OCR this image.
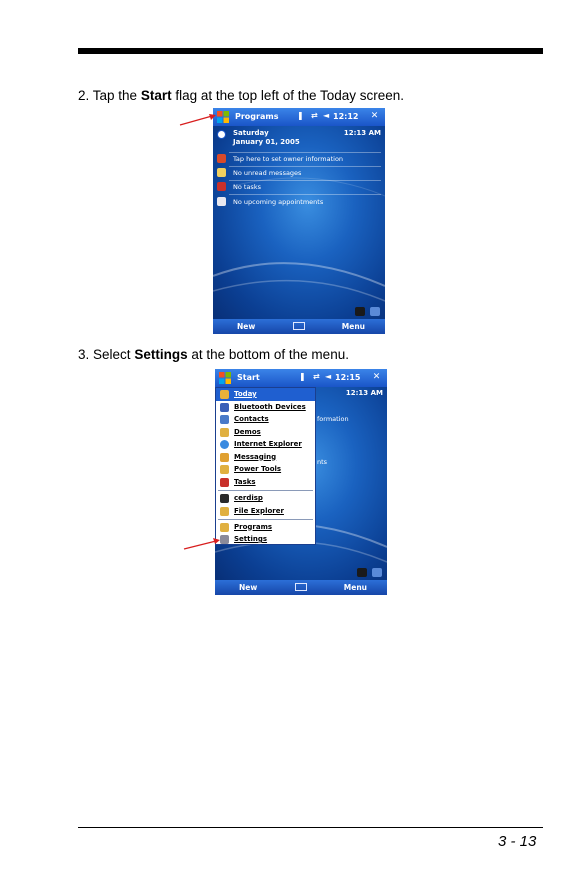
2. Tap the Start flag at the top left of the Today screen.
Programs ❚ ⇄ ◄ 12:12 ✕
Saturday
January 01, 2005
12:13 AM
Tap here to set owner information
No unread messages
No tasks
No upcoming appointments
New	Menu
3. Select Settings at the bottom of the menu.
Start	❚ ⇄ ◄ 12:15 ✕
12:13 AM
formation
nts
Today
Bluetooth Devices
Contacts
Demos
Internet Explorer
Messaging
Power Tools
Tasks
cerdisp
File Explorer
Programs
Settings
New	Menu
3 - 13
